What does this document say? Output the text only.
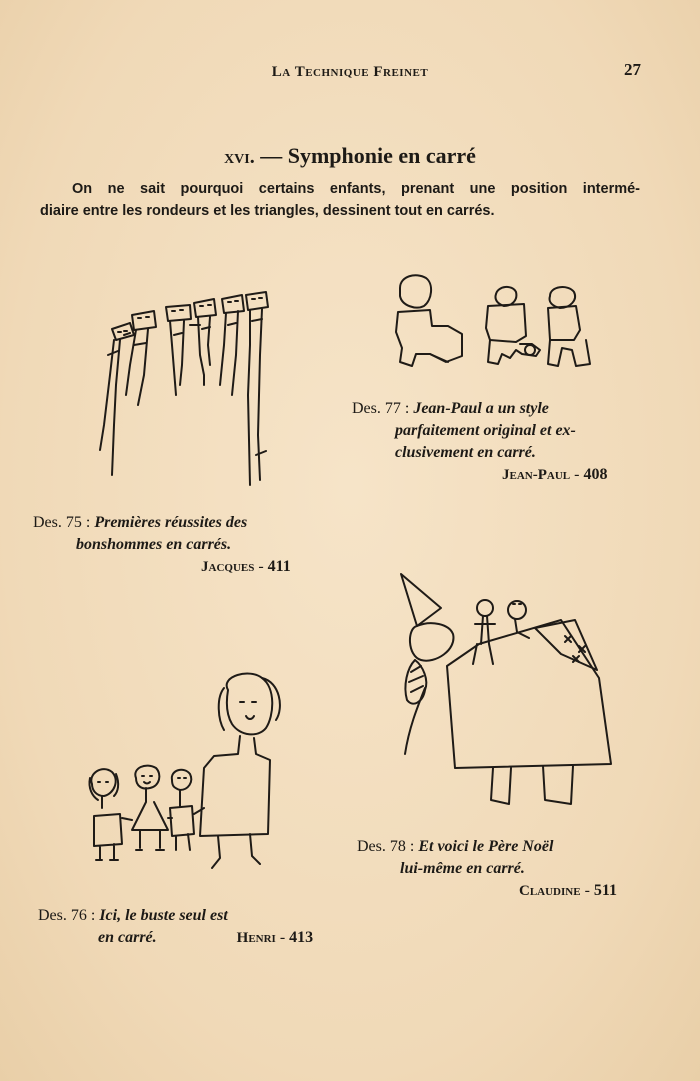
La Technique Freinet	27
xvi. — Symphonie en carré
On ne sait pourquoi certains enfants, prenant une position intermé-
diaire entre les rondeurs et les triangles, dessinent tout en carrés.
Des. 75 : Premières réussites des
bonshommes en carrés.
Jacques - 411
Des. 77 : Jean-Paul a un style
parfaitement original et ex-
clusivement en carré.
Jean-Paul - 408
Des. 78 : Et voici le Père Noël
lui-même en carré.
Claudine - 511
Des. 76 : Ici, le buste seul est
en carré.	Henri - 413
